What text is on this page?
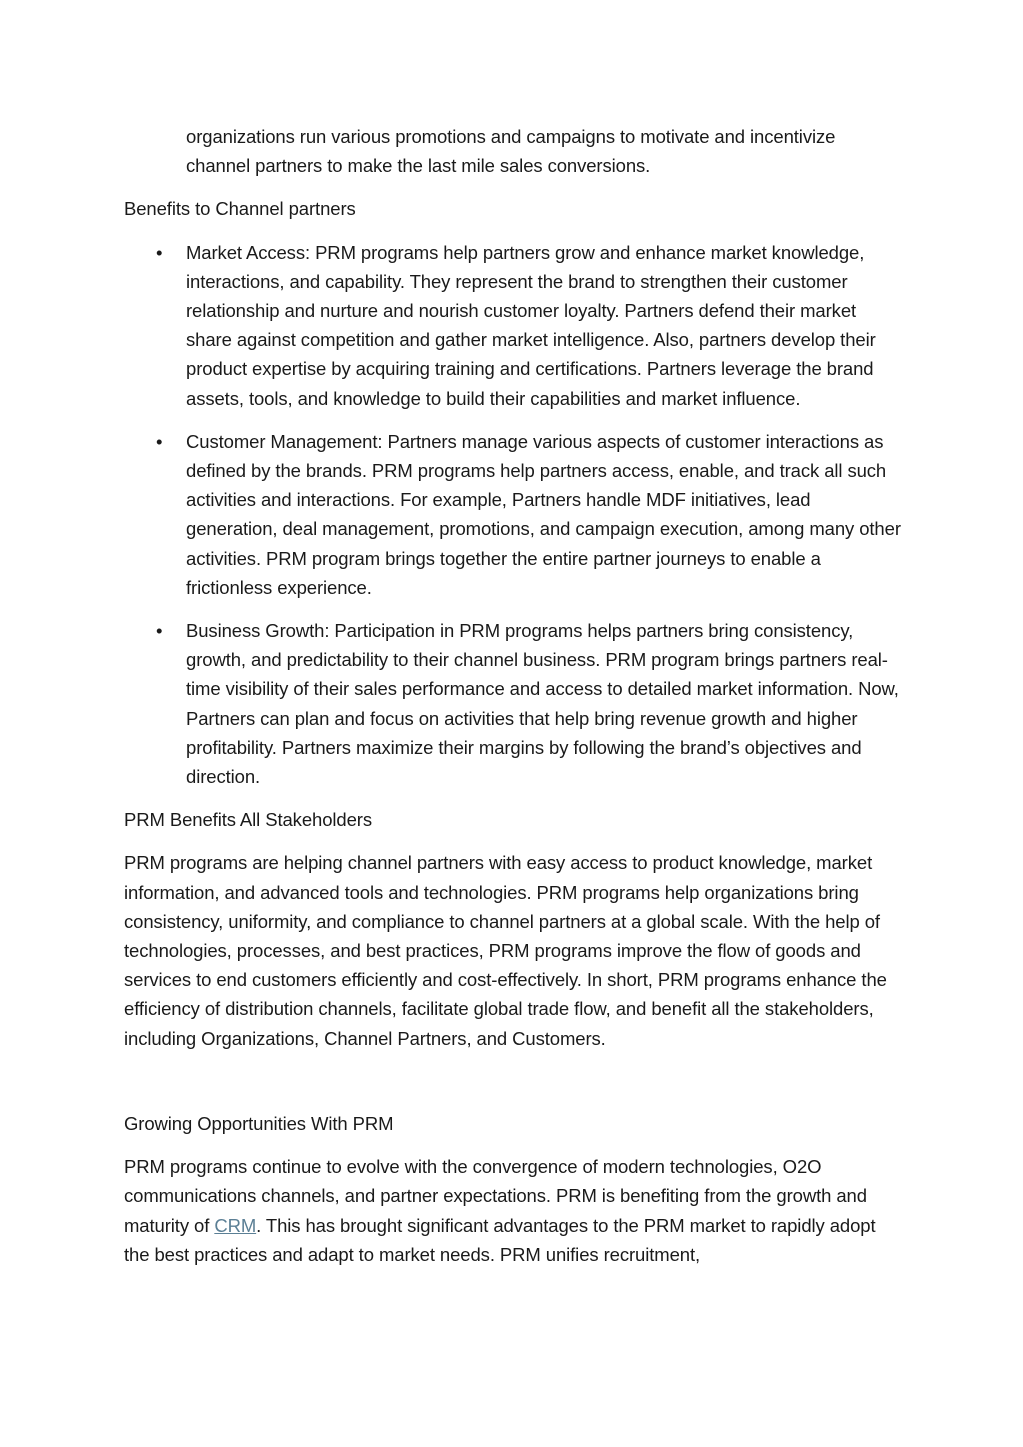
organizations run various promotions and campaigns to motivate and incentivize channel partners to make the last mile sales conversions.

Benefits to Channel partners

• Market Access: PRM programs help partners grow and enhance market knowledge, interactions, and capability. They represent the brand to strengthen their customer relationship and nurture and nourish customer loyalty. Partners defend their market share against competition and gather market intelligence. Also, partners develop their product expertise by acquiring training and certifications. Partners leverage the brand assets, tools, and knowledge to build their capabilities and market influence.
• Customer Management: Partners manage various aspects of customer interactions as defined by the brands. PRM programs help partners access, enable, and track all such activities and interactions. For example, Partners handle MDF initiatives, lead generation, deal management, promotions, and campaign execution, among many other activities. PRM program brings together the entire partner journeys to enable a frictionless experience.
• Business Growth: Participation in PRM programs helps partners bring consistency, growth, and predictability to their channel business. PRM program brings partners real-time visibility of their sales performance and access to detailed market information. Now, Partners can plan and focus on activities that help bring revenue growth and higher profitability. Partners maximize their margins by following the brand’s objectives and direction.

PRM Benefits All Stakeholders

PRM programs are helping channel partners with easy access to product knowledge, market information, and advanced tools and technologies. PRM programs help organizations bring consistency, uniformity, and compliance to channel partners at a global scale. With the help of technologies, processes, and best practices, PRM programs improve the flow of goods and services to end customers efficiently and cost-effectively. In short, PRM programs enhance the efficiency of distribution channels, facilitate global trade flow, and benefit all the stakeholders, including Organizations, Channel Partners, and Customers.

Growing Opportunities With PRM

PRM programs continue to evolve with the convergence of modern technologies, O2O communications channels, and partner expectations. PRM is benefiting from the growth and maturity of CRM. This has brought significant advantages to the PRM market to rapidly adopt the best practices and adapt to market needs. PRM unifies recruitment,
